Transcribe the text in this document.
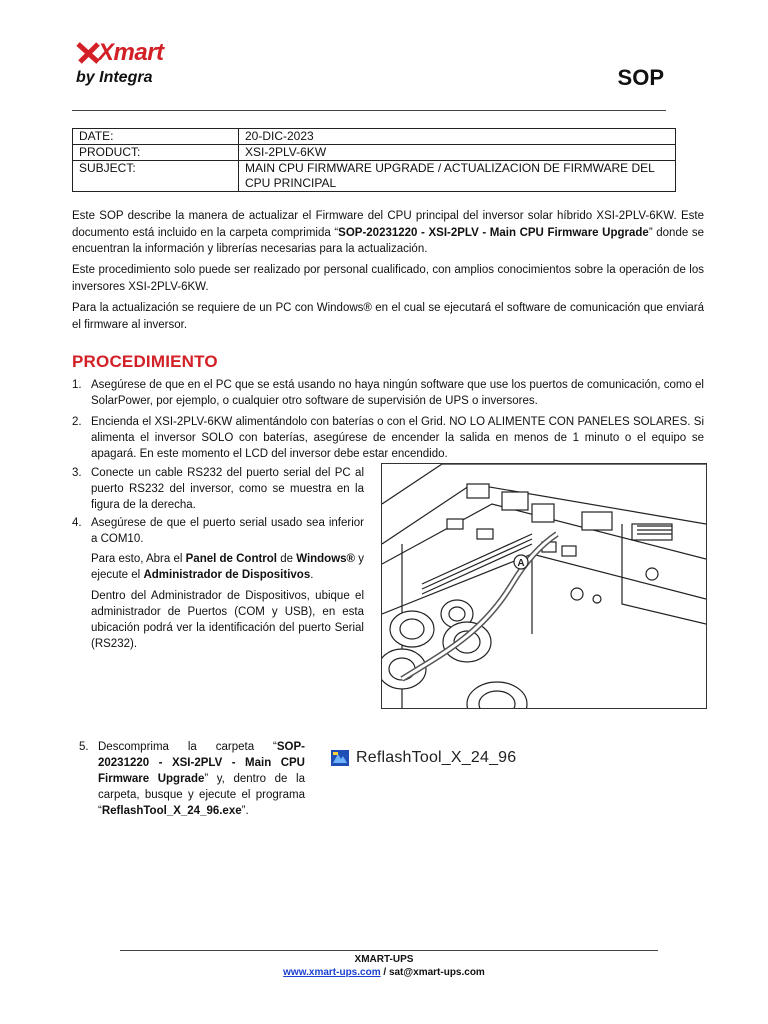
Xmart
by Integra	SOP
DATE:	20-DIC-2023
PRODUCT:	XSI-2PLV-6KW
SUBJECT:	MAIN CPU FIRMWARE UPGRADE / ACTUALIZACION DE FIRMWARE DEL CPU PRINCIPAL
Este SOP describe la manera de actualizar el Firmware del CPU principal del inversor solar híbrido XSI-2PLV-6KW. Este documento está incluido en la carpeta comprimida “SOP-20231220 - XSI-2PLV - Main CPU Firmware Upgrade” donde se encuentran la información y librerías necesarias para la actualización.
Este procedimiento solo puede ser realizado por personal cualificado, con amplios conocimientos sobre la operación de los inversores XSI-2PLV-6KW.
Para la actualización se requiere de un PC con Windows® en el cual se ejecutará el software de comunicación que enviará el firmware al inversor.
PROCEDIMIENTO
1. Asegúrese de que en el PC que se está usando no haya ningún software que use los puertos de comunicación, como el SolarPower, por ejemplo, o cualquier otro software de supervisión de UPS o inversores.
2. Encienda el XSI-2PLV-6KW alimentándolo con baterías o con el Grid. NO LO ALIMENTE CON PANELES SOLARES. Si alimenta el inversor SOLO con baterías, asegúrese de encender la salida en menos de 1 minuto o el equipo se apagará. En este momento el LCD del inversor debe estar encendido.
3. Conecte un cable RS232 del puerto serial del PC al puerto RS232 del inversor, como se muestra en la figura de la derecha.
4. Asegúrese de que el puerto serial usado sea inferior a COM10.
Para esto, Abra el Panel de Control de Windows® y ejecute el Administrador de Dispositivos.
Dentro del Administrador de Dispositivos, ubique el administrador de Puertos (COM y USB), en esta ubicación podrá ver la identificación del puerto Serial (RS232).
A
5. Descomprima la carpeta “SOP-20231220 - XSI-2PLV - Main CPU Firmware Upgrade” y, dentro de la carpeta, busque y ejecute el programa “ReflashTool_X_24_96.exe”.
ReflashTool_X_24_96
XMART-UPS
www.xmart-ups.com / sat@xmart-ups.com
